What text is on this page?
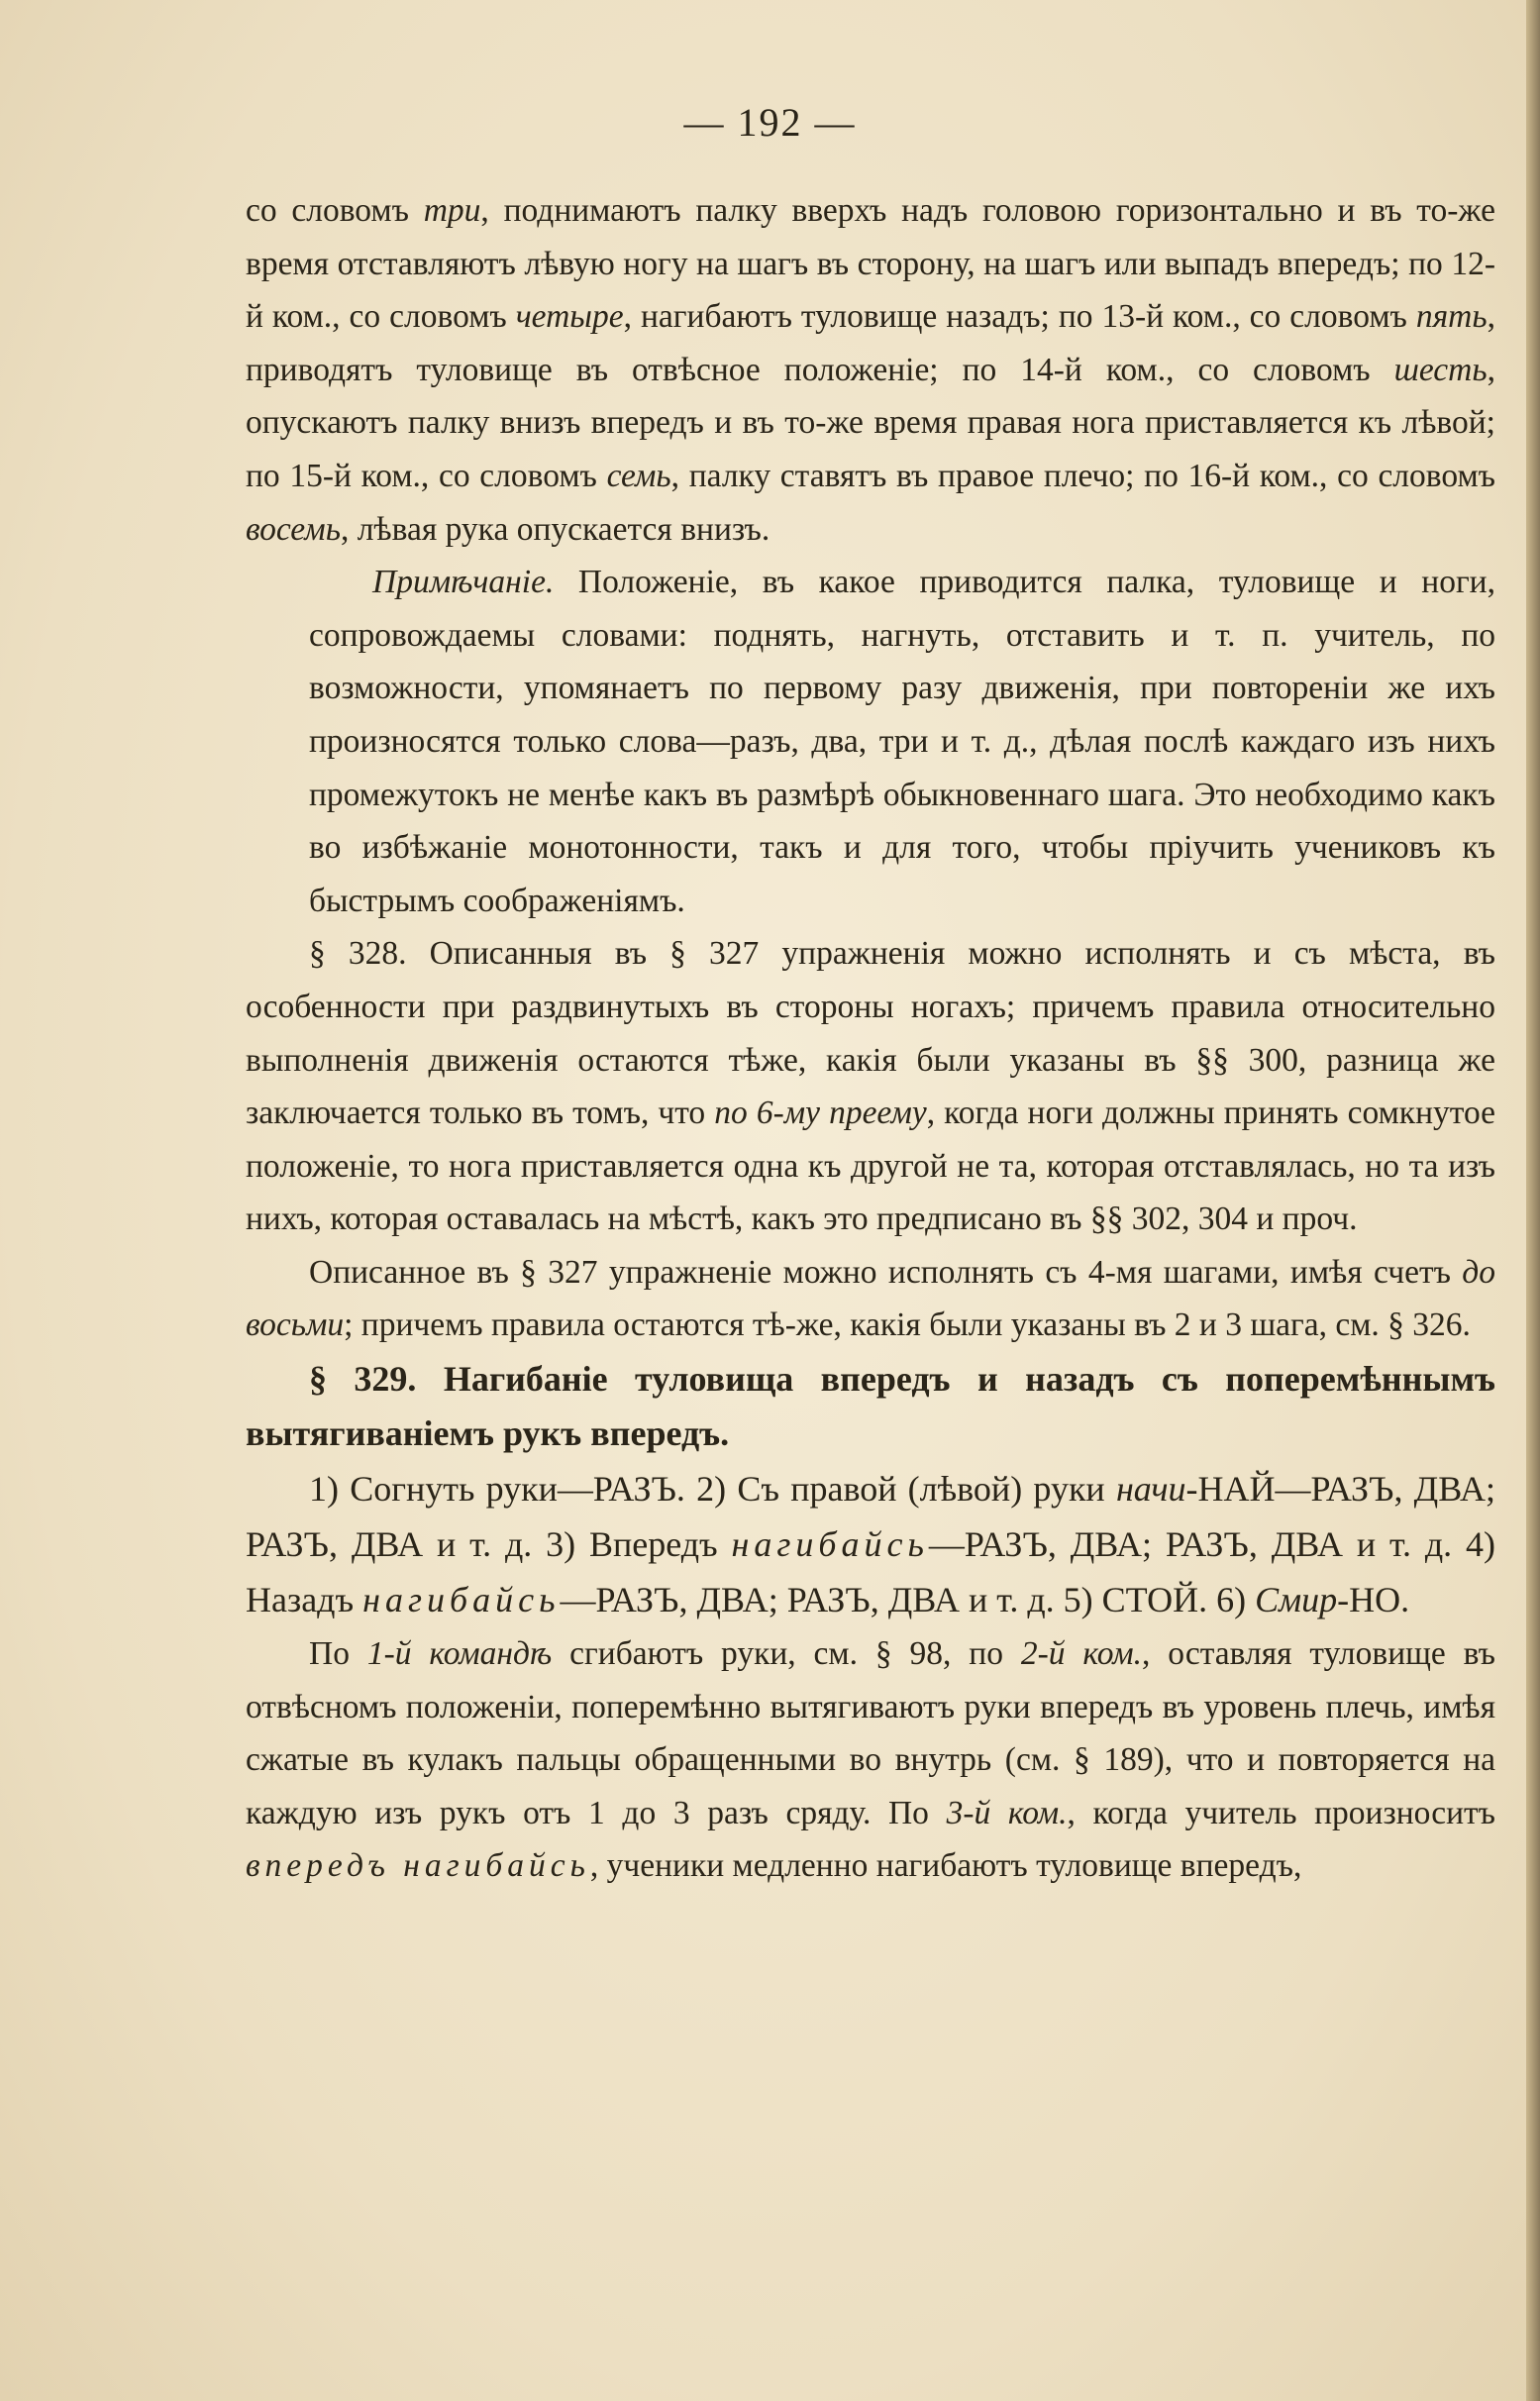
— 192 —

со словомъ три, поднимаютъ палку вверхъ надъ головою горизонтально и въ то-же время отставляютъ лѣвую ногу на шагъ въ сторону, на шагъ или выпадъ впередъ; по 12-й ком., со словомъ четыре, нагибаютъ туловище назадъ; по 13-й ком., со словомъ пять, приводятъ туловище въ отвѣсное положеніе; по 14-й ком., со словомъ шесть, опускаютъ палку внизъ впередъ и въ то-же время правая нога приставляется къ лѣвой; по 15-й ком., со словомъ семь, палку ставятъ въ правое плечо; по 16-й ком., со словомъ восемь, лѣвая рука опускается внизъ.

Примѣчаніе. Положеніе, въ какое приводится палка, туловище и ноги, сопровождаемы словами: поднять, нагнуть, отставить и т. п. учитель, по возможности, упомянаетъ по первому разу движенія, при повтореніи же ихъ произносятся только слова—разъ, два, три и т. д., дѣлая послѣ каждаго изъ нихъ промежутокъ не менѣе какъ въ размѣрѣ обыкновеннаго шага. Это необходимо какъ во избѣжаніе монотонности, такъ и для того, чтобы пріучить учениковъ къ быстрымъ соображеніямъ.

§ 328. Описанныя въ § 327 упражненія можно исполнять и съ мѣста, въ особенности при раздвинутыхъ въ стороны ногахъ; причемъ правила относительно выполненія движенія остаются тѣже, какія были указаны въ §§ 300, разница же заключается только въ томъ, что по 6-му преему, когда ноги должны принять сомкнутое положеніе, то нога приставляется одна къ другой не та, которая отставлялась, но та изъ нихъ, которая оставалась на мѣстѣ, какъ это предписано въ §§ 302, 304 и проч.

Описанное въ § 327 упражненіе можно исполнять съ 4-мя шагами, имѣя счетъ до восьми; причемъ правила остаются тѣ-же, какія были указаны въ 2 и 3 шага, см. § 326.

§ 329. Нагибаніе туловища впередъ и назадъ съ поперемѣннымъ вытягиваніемъ рукъ впередъ.

1) Согнуть руки—РАЗЪ. 2) Съ правой (лѣвой) руки начи-НАЙ—РАЗЪ, ДВА; РАЗЪ, ДВА и т. д. 3) Впередъ нагибайсь—РАЗЪ, ДВА; РАЗЪ, ДВА и т. д. 4) Назадъ нагибайсь—РАЗЪ, ДВА; РАЗЪ, ДВА и т. д. 5) СТОЙ. 6) Смир-НО.

По 1-й командѣ сгибаютъ руки, см. § 98, по 2-й ком., оставляя туловище въ отвѣсномъ положеніи, поперемѣнно вытягиваютъ руки впередъ въ уровень плечь, имѣя сжатые въ кулакъ пальцы обращенными во внутрь (см. § 189), что и повторяется на каждую изъ рукъ отъ 1 до 3 разъ сряду. По 3-й ком., когда учитель произноситъ впередъ нагибайсь, ученики медленно нагибаютъ туловище впередъ,
